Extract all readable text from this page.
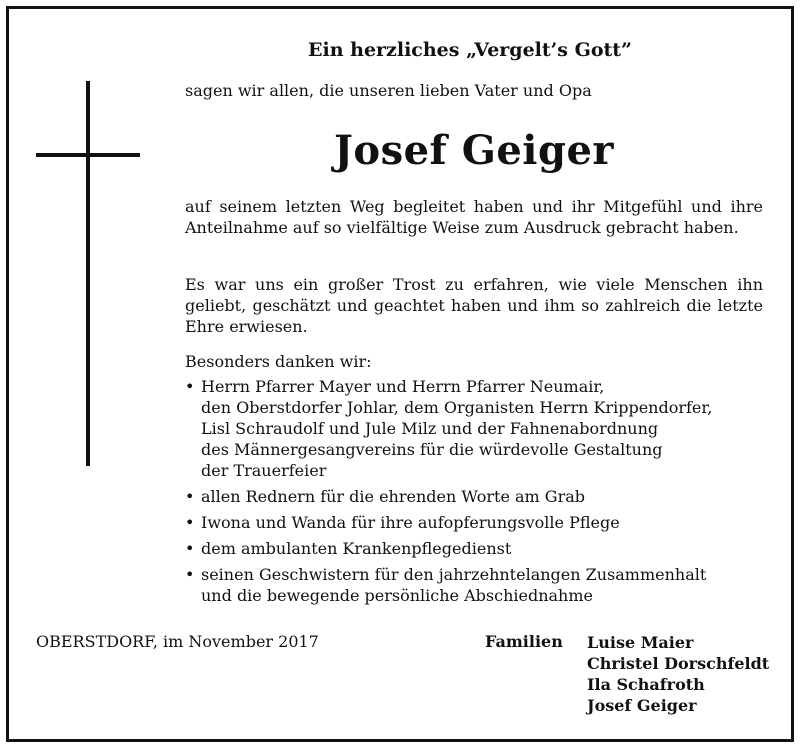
Ein herzliches „Vergelt’s Gott”
sagen wir allen, die unseren lieben Vater und Opa
Josef Geiger

auf seinem letzten Weg begleitet haben und ihr Mitgefühl und ihre Anteilnahme auf so vielfältige Weise zum Ausdruck gebracht haben.

Es war uns ein großer Trost zu erfahren, wie viele Menschen ihn geliebt, geschätzt und geachtet haben und ihm so zahlreich die letzte Ehre erwiesen.

Besonders danken wir:
• Herrn Pfarrer Mayer und Herrn Pfarrer Neumair,
den Oberstdorfer Johlar, dem Organisten Herrn Krippendorfer,
Lisl Schraudolf und Jule Milz und der Fahnenabordnung
des Männergesangvereins für die würdevolle Gestaltung
der Trauerfeier
• allen Rednern für die ehrenden Worte am Grab
• Iwona und Wanda für ihre aufopferungsvolle Pflege
• dem ambulanten Krankenpflegedienst
• seinen Geschwistern für den jahrzehntelangen Zusammenhalt
und die bewegende persönliche Abschiednahme
OBERSTDORF, im November 2017	Familien Luise Maier
Christel Dorschfeldt
Ila Schafroth
Josef Geiger
